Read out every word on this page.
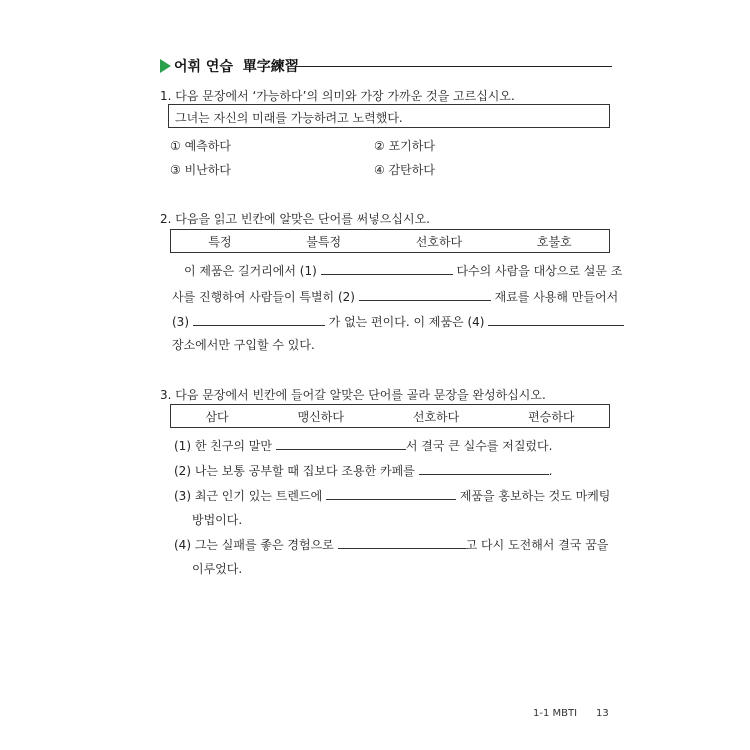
어휘 연습 單字練習
1. 다음 문장에서 ‘가능하다’의 의미와 가장 가까운 것을 고르십시오.
그녀는 자신의 미래를 가능하려고 노력했다.
① 예측하다	② 포기하다
③ 비난하다	④ 감탄하다
2. 다음을 읽고 빈칸에 알맞은 단어를 써넣으십시오.
특정	불특정	선호하다	호불호
이 제품은 길거리에서 (1)	다수의 사람을 대상으로 설문 조
사를 진행하여 사람들이 특별히 (2)	재료를 사용해 만들어서
(3)	가 없는 편이다. 이 제품은 (4)
장소에서만 구입할 수 있다.
3. 다음 문장에서 빈칸에 들어갈 알맞은 단어를 골라 문장을 완성하십시오.
삼다	맹신하다	선호하다	편승하다
(1) 한 친구의 말만	서 결국 큰 실수를 저질렀다.
(2) 나는 보통 공부할 때 집보다 조용한 카페를	.
(3) 최근 인기 있는 트렌드에	제품을 홍보하는 것도 마케팅
방법이다.
(4) 그는 실패를 좋은 경험으로	고 다시 도전해서 결국 꿈을
이루었다.
1-1 MBTI 13
